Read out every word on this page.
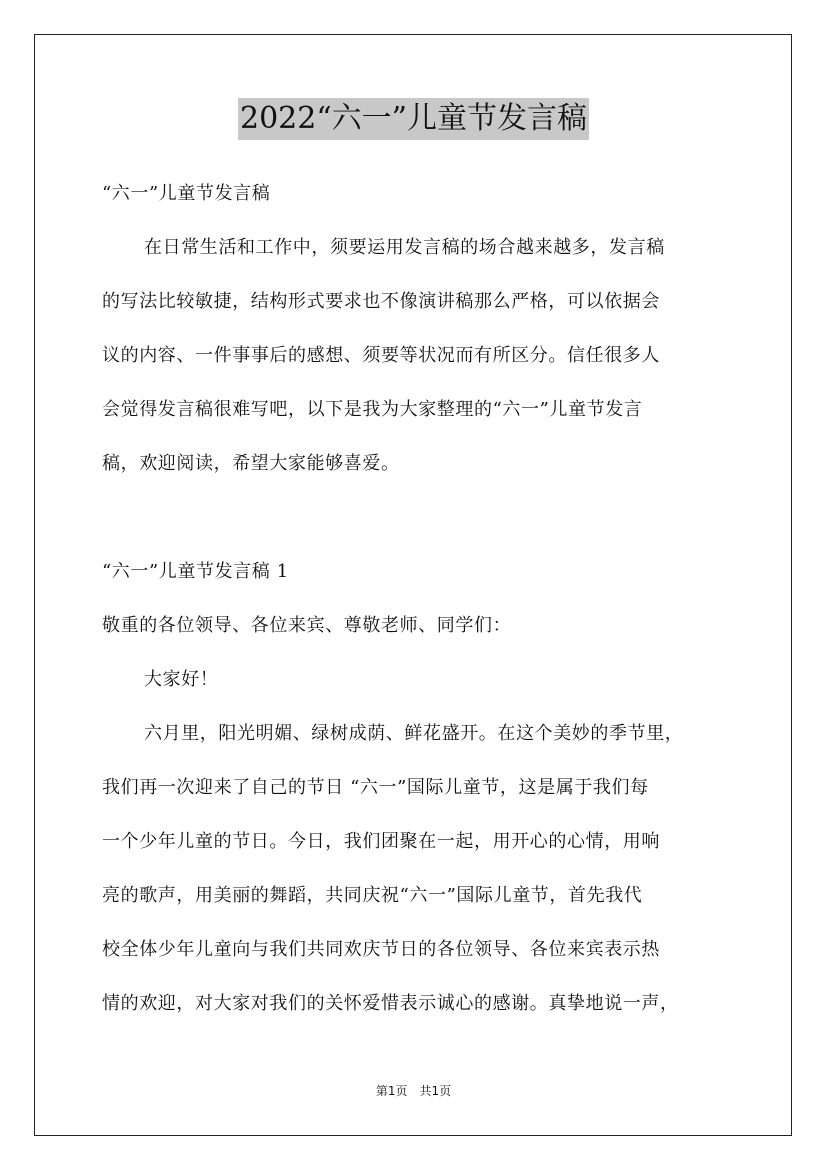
2022“六一”儿童节发言稿
“六一”儿童节发言稿
在日常生活和工作中，须要运用发言稿的场合越来越多，发言稿
的写法比较敏捷，结构形式要求也不像演讲稿那么严格，可以依据会
议的内容、一件事事后的感想、须要等状况而有所区分。信任很多人
会觉得发言稿很难写吧，以下是我为大家整理的“六一”儿童节发言
稿，欢迎阅读，希望大家能够喜爱。
“六一”儿童节发言稿 1
敬重的各位领导、各位来宾、尊敬老师、同学们：
大家好！
六月里，阳光明媚、绿树成荫、鲜花盛开。在这个美妙的季节里，
我们再一次迎来了自己的节日 “六一”国际儿童节，这是属于我们每
一个少年儿童的节日。今日，我们团聚在一起，用开心的心情，用响
亮的歌声，用美丽的舞蹈，共同庆祝“六一”国际儿童节，首先我代
校全体少年儿童向与我们共同欢庆节日的各位领导、各位来宾表示热
情的欢迎，对大家对我们的关怀爱惜表示诚心的感谢。真挚地说一声，
第1页　共1页
